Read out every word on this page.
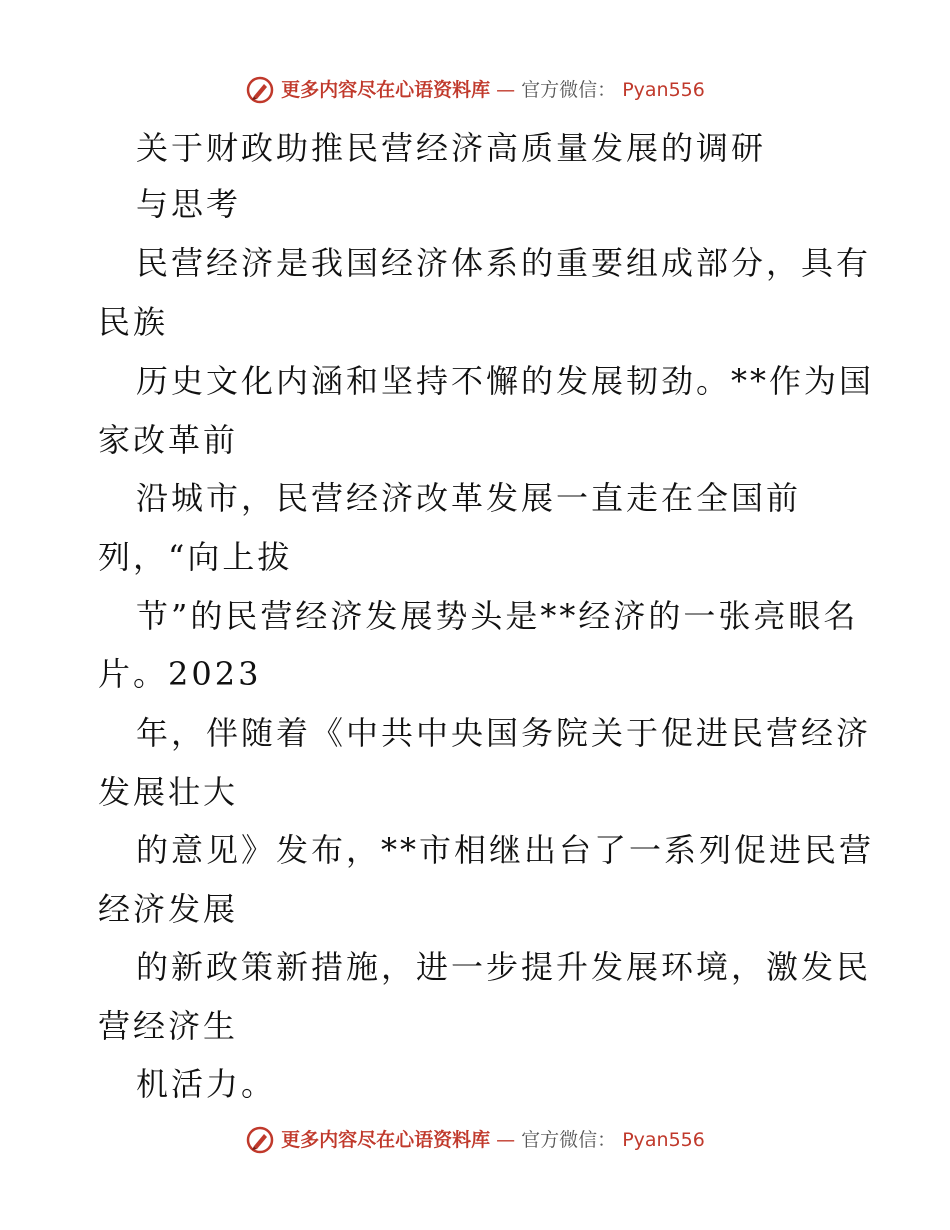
更多内容尽在心语资料库 — 官方微信： Pyan556
关于财政助推民营经济高质量发展的调研
与思考
民营经济是我国经济体系的重要组成部分，具有
民族
历史文化内涵和坚持不懈的发展韧劲。**作为国
家改革前
沿城市，民营经济改革发展一直走在全国前
列，“向上拔
节”的民营经济发展势头是**经济的一张亮眼名
片。2023
年，伴随着《中共中央国务院关于促进民营经济
发展壮大
的意见》发布，**市相继出台了一系列促进民营
经济发展
的新政策新措施，进一步提升发展环境，激发民
营经济生
机活力。
更多内容尽在心语资料库 — 官方微信： Pyan556
